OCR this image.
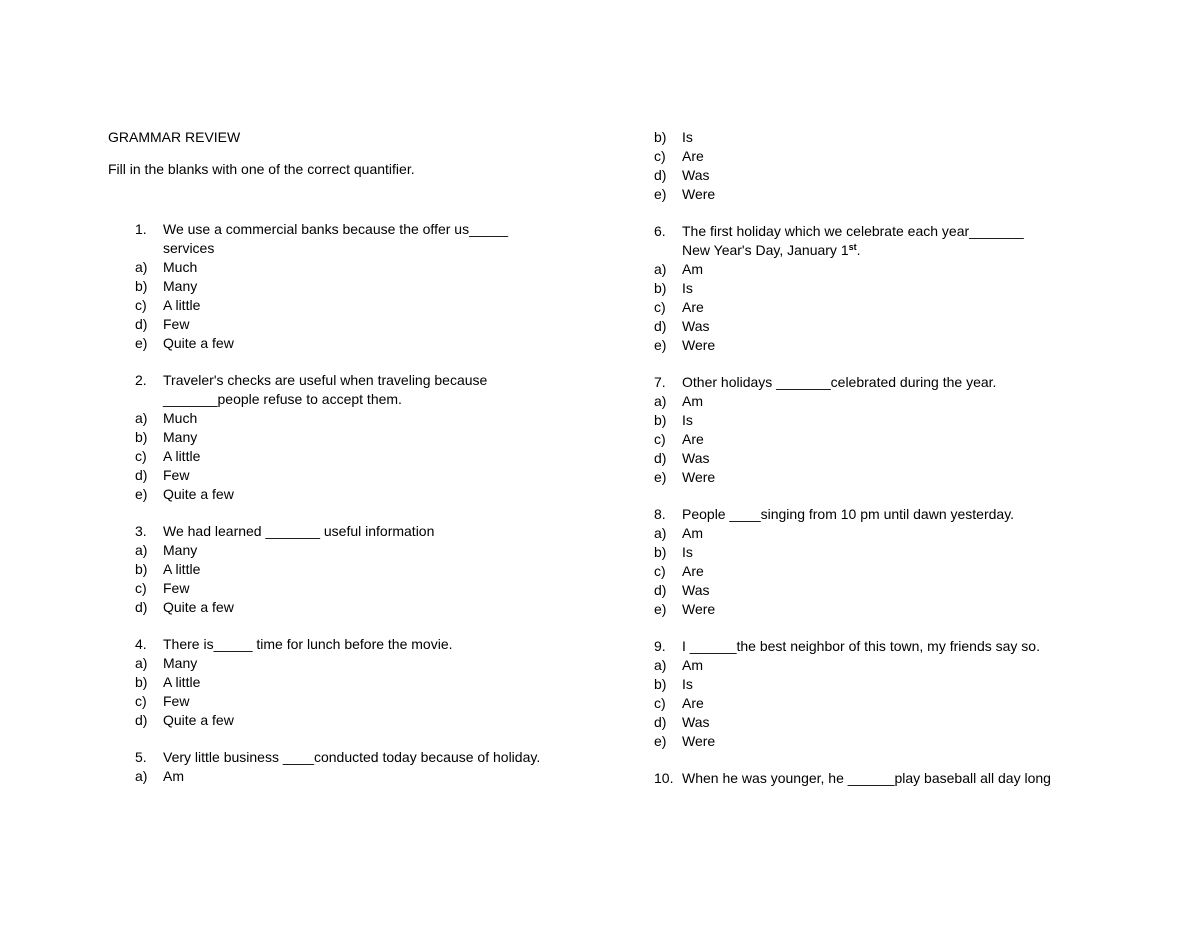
GRAMMAR REVIEW
Fill in the blanks with one of the correct quantifier.
1.	We use a commercial banks because the offer us_____
services
a)	Much
b)	Many
c)	A little
d)	Few
e)	Quite a few
2.	Traveler's checks are useful when traveling because
_______people refuse to accept them.
a)	Much
b)	Many
c)	A little
d)	Few
e)	Quite a few
3.	We had learned _______ useful information
a)	Many
b)	A little
c)	Few
d)	Quite a few
4.	There is_____ time for lunch before the movie.
a)	Many
b)	A little
c)	Few
d)	Quite a few
5.	Very little business ____conducted today because of holiday.
a)	Am
b)	Is
c)	Are
d)	Was
e)	Were
6.	The first holiday which we celebrate each year_______
New Year's Day, January 1st.
a)	Am
b)	Is
c)	Are
d)	Was
e)	Were
7.	Other holidays _______celebrated during the year.
a)	Am
b)	Is
c)	Are
d)	Was
e)	Were
8.	People ____singing from 10 pm until dawn yesterday.
a)	Am
b)	Is
c)	Are
d)	Was
e)	Were
9.	I ______the best neighbor of this town, my friends say so.
a)	Am
b)	Is
c)	Are
d)	Was
e)	Were
10. When he was younger, he ______play baseball all day long
